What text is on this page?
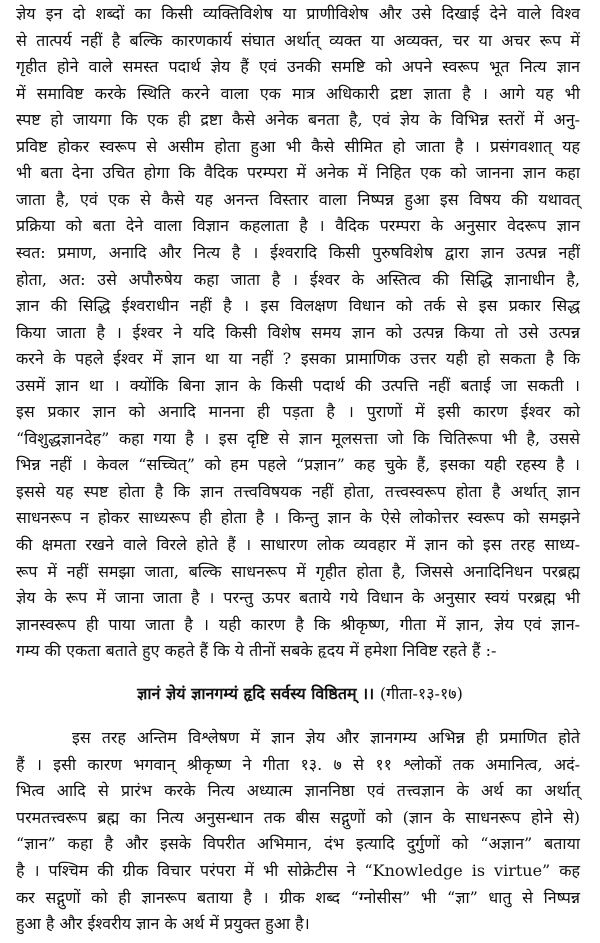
ज्ञानं ज्ञेयं ज्ञानगम्यं हृदि सर्वस्य विष्ठितम् ।। (गीता-१३-१७)
ज्ञेय इन दो शब्दों का किसी व्यक्तिविशेष या प्राणीविशेष और उसे दिखाई देने वाले विश्व
से तात्पर्य नहीं है बल्कि कारणकार्य संघात अर्थात् व्यक्त या अव्यक्त, चर या अचर रूप में
गृहीत होने वाले समस्त पदार्थ ज्ञेय हैं एवं उनकी समष्टि को अपने स्वरूप भूत नित्य ज्ञान
में समाविष्ट करके स्थिति करने वाला एक मात्र अधिकारी द्रष्टा ज्ञाता है । आगे यह भी
स्पष्ट हो जायगा कि एक ही द्रष्टा कैसे अनेक बनता है, एवं ज्ञेय के विभिन्न स्तरों में अनु-
प्रविष्ट होकर स्वरूप से असीम होता हुआ भी कैसे सीमित हो जाता है । प्रसंगवशात् यह
भी बता देना उचित होगा कि वैदिक परम्परा में अनेक में निहित एक को जानना ज्ञान कहा
जाता है, एवं एक से कैसे यह अनन्त विस्तार वाला निष्पन्न हुआ इस विषय की यथावत्
प्रक्रिया को बता देने वाला विज्ञान कहलाता है । वैदिक परम्परा के अनुसार वेदरूप ज्ञान
स्वत: प्रमाण, अनादि और नित्य है । ईश्वरादि किसी पुरुषविशेष द्वारा ज्ञान उत्पन्न नहीं
होता, अत: उसे अपौरुषेय कहा जाता है । ईश्वर के अस्तित्व की सिद्धि ज्ञानाधीन है,
ज्ञान की सिद्धि ईश्वराधीन नहीं है । इस विलक्षण विधान को तर्क से इस प्रकार सिद्ध
किया जाता है । ईश्वर ने यदि किसी विशेष समय ज्ञान को उत्पन्न किया तो उसे उत्पन्न
करने के पहले ईश्वर में ज्ञान था या नहीं ? इसका प्रामाणिक उत्तर यही हो सकता है कि
उसमें ज्ञान था । क्योंकि बिना ज्ञान के किसी पदार्थ की उत्पत्ति नहीं बताई जा सकती ।
इस प्रकार ज्ञान को अनादि मानना ही पड़ता है । पुराणों में इसी कारण ईश्वर को
“विशुद्धज्ञानदेह” कहा गया है । इस दृष्टि से ज्ञान मूलसत्ता जो कि चितिरूपा भी है, उससे
भिन्न नहीं । केवल “सच्चित्” को हम पहले “प्रज्ञान” कह चुके हैं, इसका यही रहस्य है ।
इससे यह स्पष्ट होता है कि ज्ञान तत्त्वविषयक नहीं होता, तत्त्वस्वरूप होता है अर्थात् ज्ञान
साधनरूप न होकर साध्यरूप ही होता है । किन्तु ज्ञान के ऐसे लोकोत्तर स्वरूप को समझने
की क्षमता रखने वाले विरले होते हैं । साधारण लोक व्यवहार में ज्ञान को इस तरह साध्य-
रूप में नहीं समझा जाता, बल्कि साधनरूप में गृहीत होता है, जिससे अनादिनिधन परब्रह्म
ज्ञेय के रूप में जाना जाता है । परन्तु ऊपर बताये गये विधान के अनुसार स्वयं परब्रह्म भी
ज्ञानस्वरूप ही पाया जाता है । यही कारण है कि श्रीकृष्ण, गीता में ज्ञान, ज्ञेय एवं ज्ञान-
गम्य की एकता बताते हुए कहते हैं कि ये तीनों सबके हृदय में हमेशा निविष्ट रहते हैं :-
इस तरह अन्तिम विश्लेषण में ज्ञान ज्ञेय और ज्ञानगम्य अभिन्न ही प्रमाणित होते
हैं । इसी कारण भगवान् श्रीकृष्ण ने गीता १३. ७ से ११ श्लोकों तक अमानित्व, अदं-
भित्व आदि से प्रारंभ करके नित्य अध्यात्म ज्ञाननिष्ठा एवं तत्त्वज्ञान के अर्थ का अर्थात्
परमतत्त्वरूप ब्रह्म का नित्य अनुसन्धान तक बीस सद्गुणों को (ज्ञान के साधनरूप होने से)
“ज्ञान” कहा है और इसके विपरीत अभिमान, दंभ इत्यादि दुर्गुणों को “अज्ञान” बताया
है । पश्चिम की ग्रीक विचार परंपरा में भी सोक्रेटीस ने “Knowledge is virtue” कह
कर सद्गुणों को ही ज्ञानरूप बताया है । ग्रीक शब्द “ग्नोसीस” भी “ज्ञा” धातु से निष्पन्न
हुआ है और ईश्वरीय ज्ञान के अर्थ में प्रयुक्त हुआ है।
